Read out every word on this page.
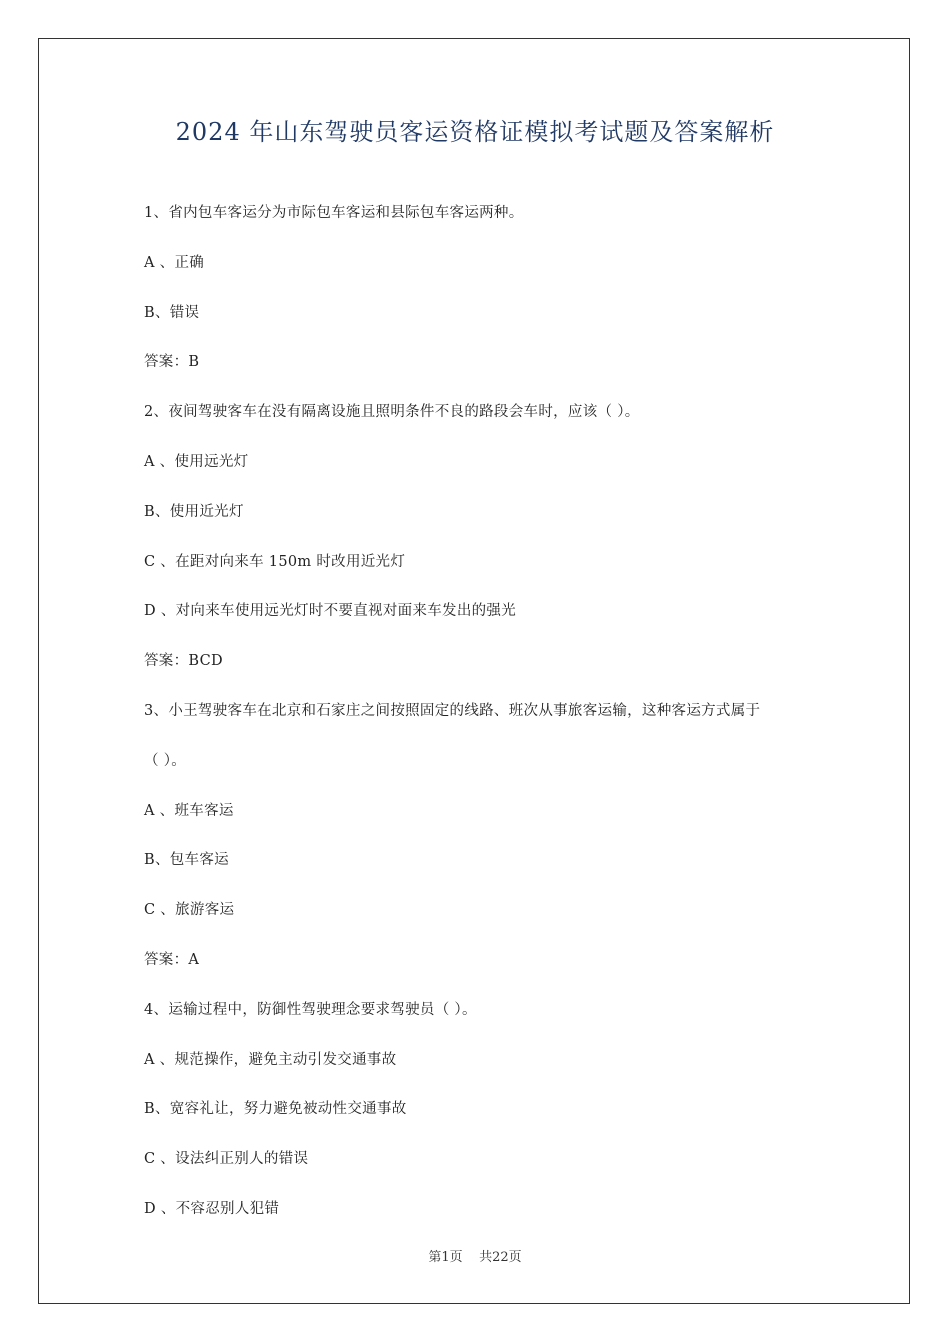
2024 年山东驾驶员客运资格证模拟考试题及答案解析
1、省内包车客运分为市际包车客运和县际包车客运两种。
A 、正确
B、错误
答案：B
2、夜间驾驶客车在没有隔离设施且照明条件不良的路段会车时，应该（ ）。
A 、使用远光灯
B、使用近光灯
C 、在距对向来车 150m 时改用近光灯
D 、对向来车使用远光灯时不要直视对面来车发出的强光
答案：BCD
3、小王驾驶客车在北京和石家庄之间按照固定的线路、班次从事旅客运输，这种客运方式属于
（ ）。
A 、班车客运
B、包车客运
C 、旅游客运
答案：A
4、运输过程中，防御性驾驶理念要求驾驶员（ ）。
A 、规范操作，避免主动引发交通事故
B、宽容礼让，努力避免被动性交通事故
C 、设法纠正别人的错误
D 、不容忍别人犯错
第1页    共22页
